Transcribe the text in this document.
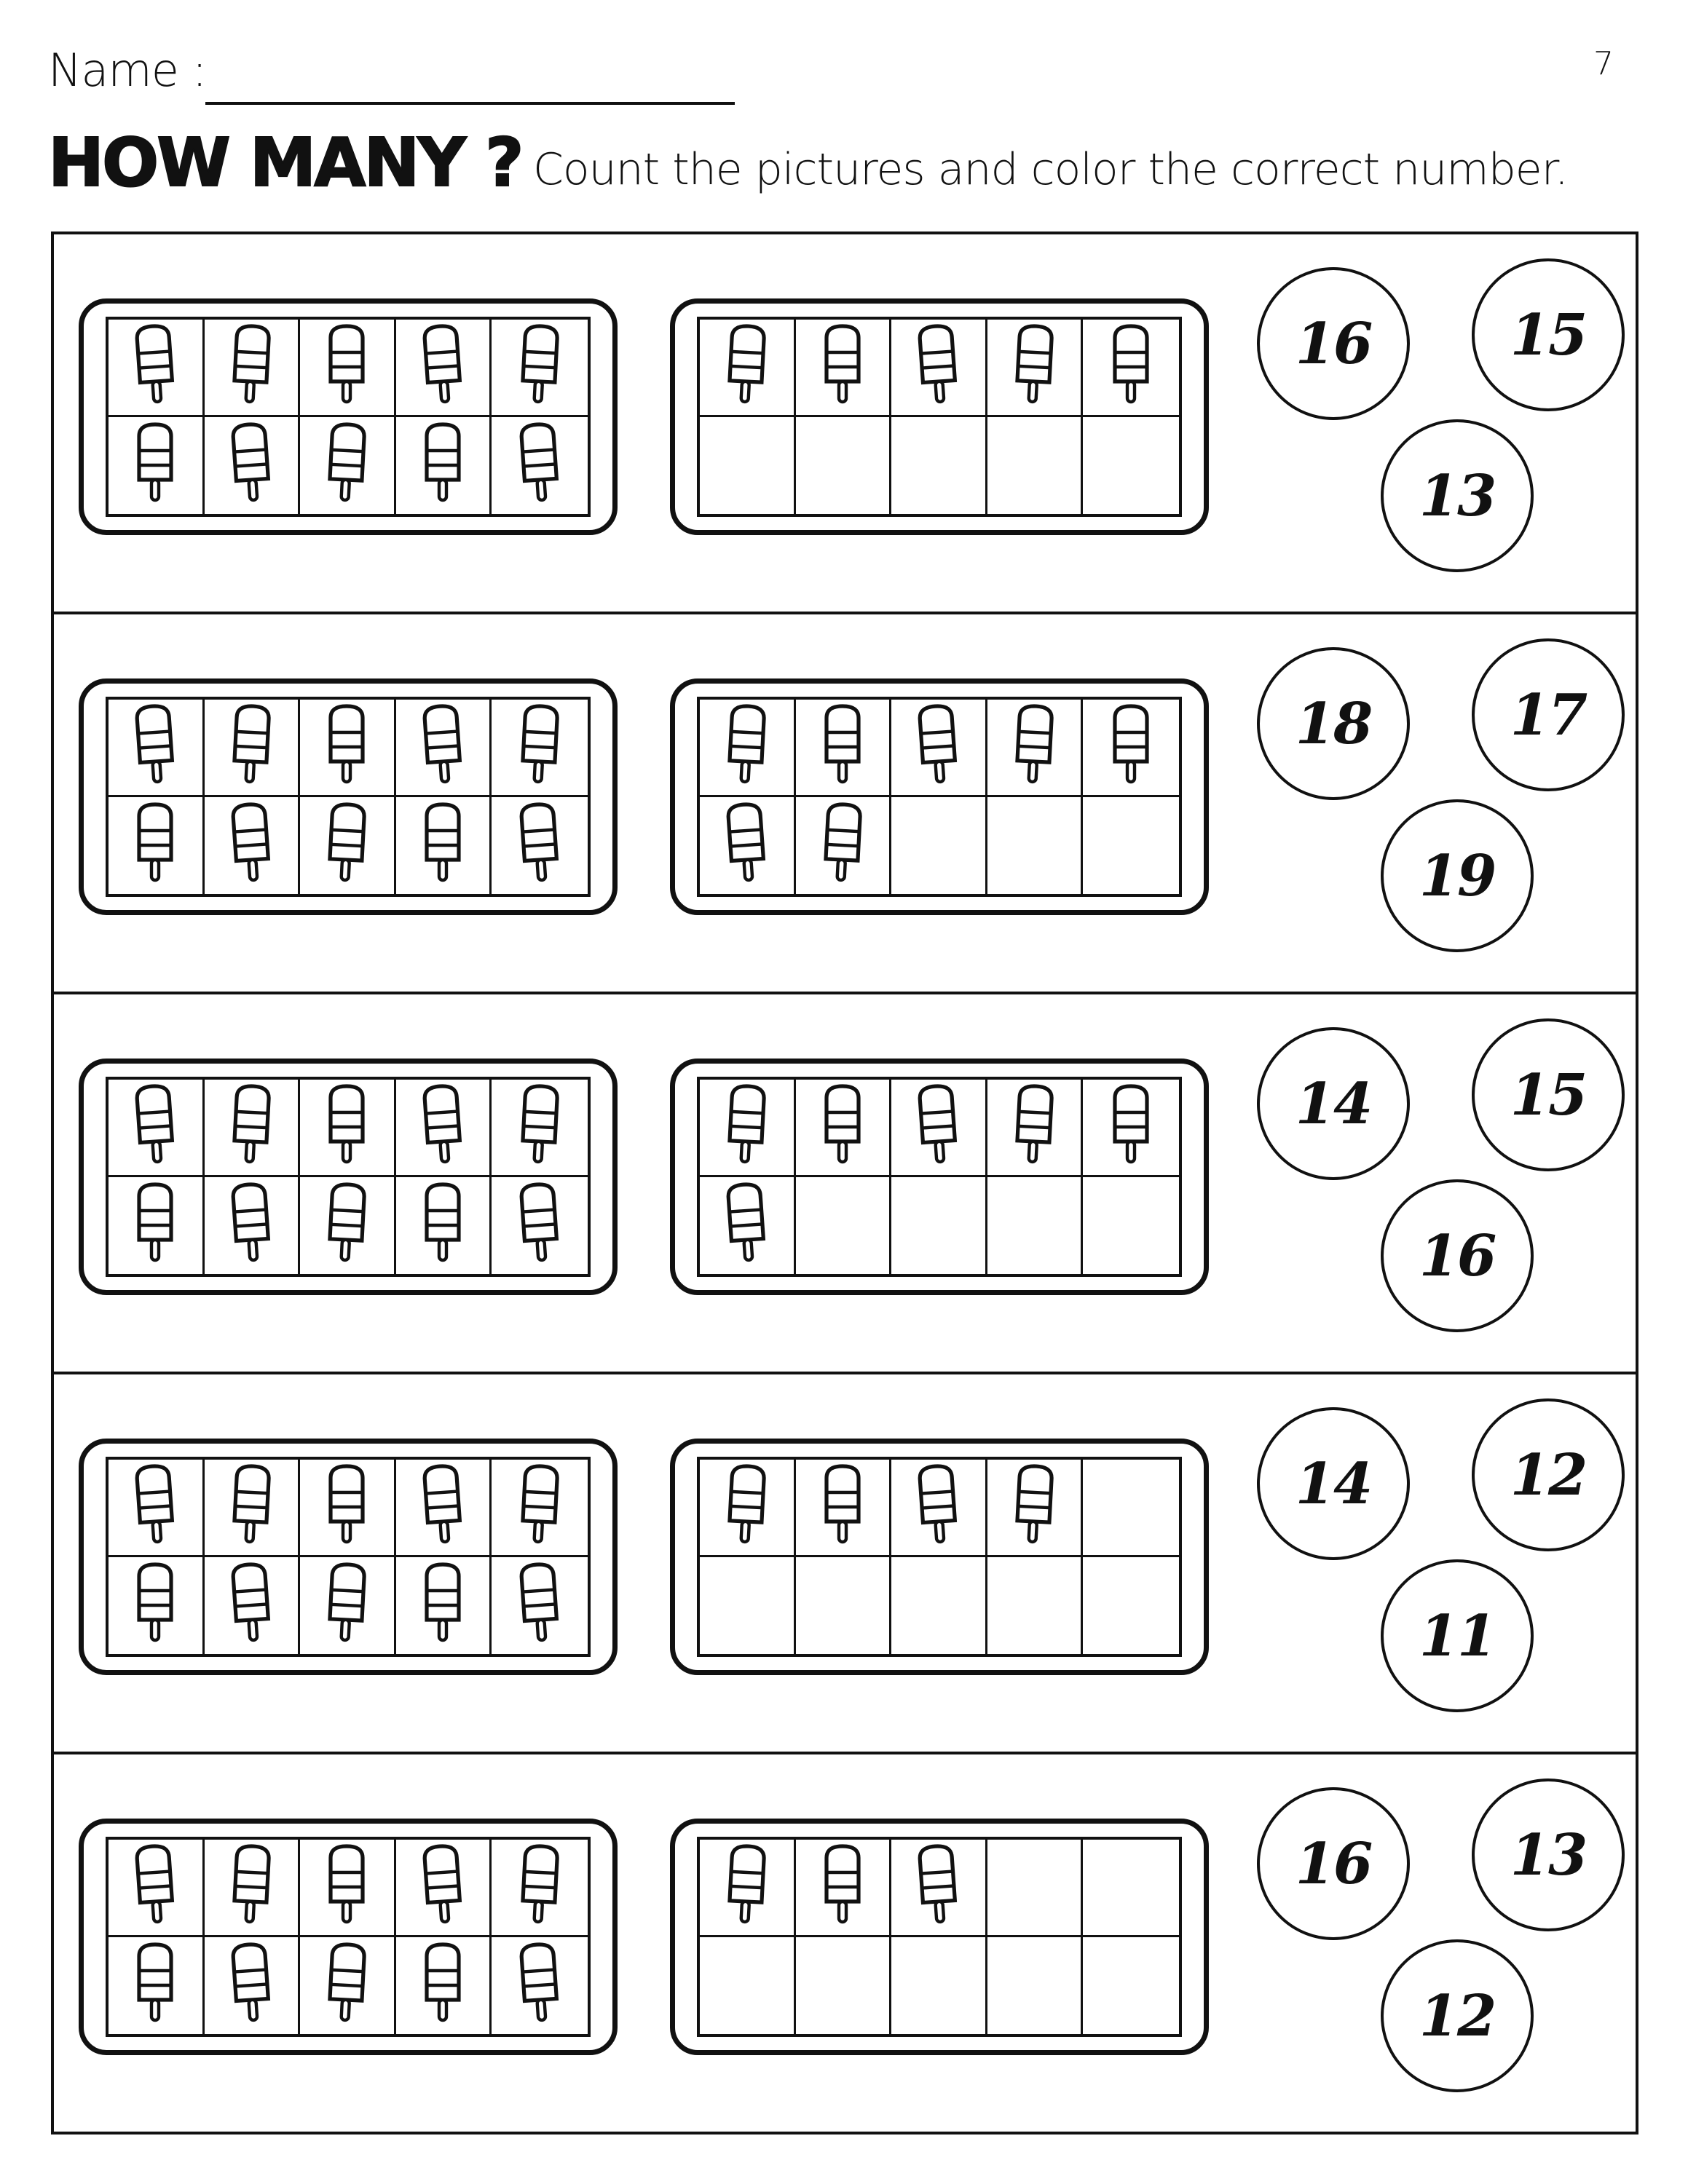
Name :	7
HOW MANY ? Count the pictures and color the correct number.
16	15
13
18	17
19
14	15
16
14	12
11
16	13
12
